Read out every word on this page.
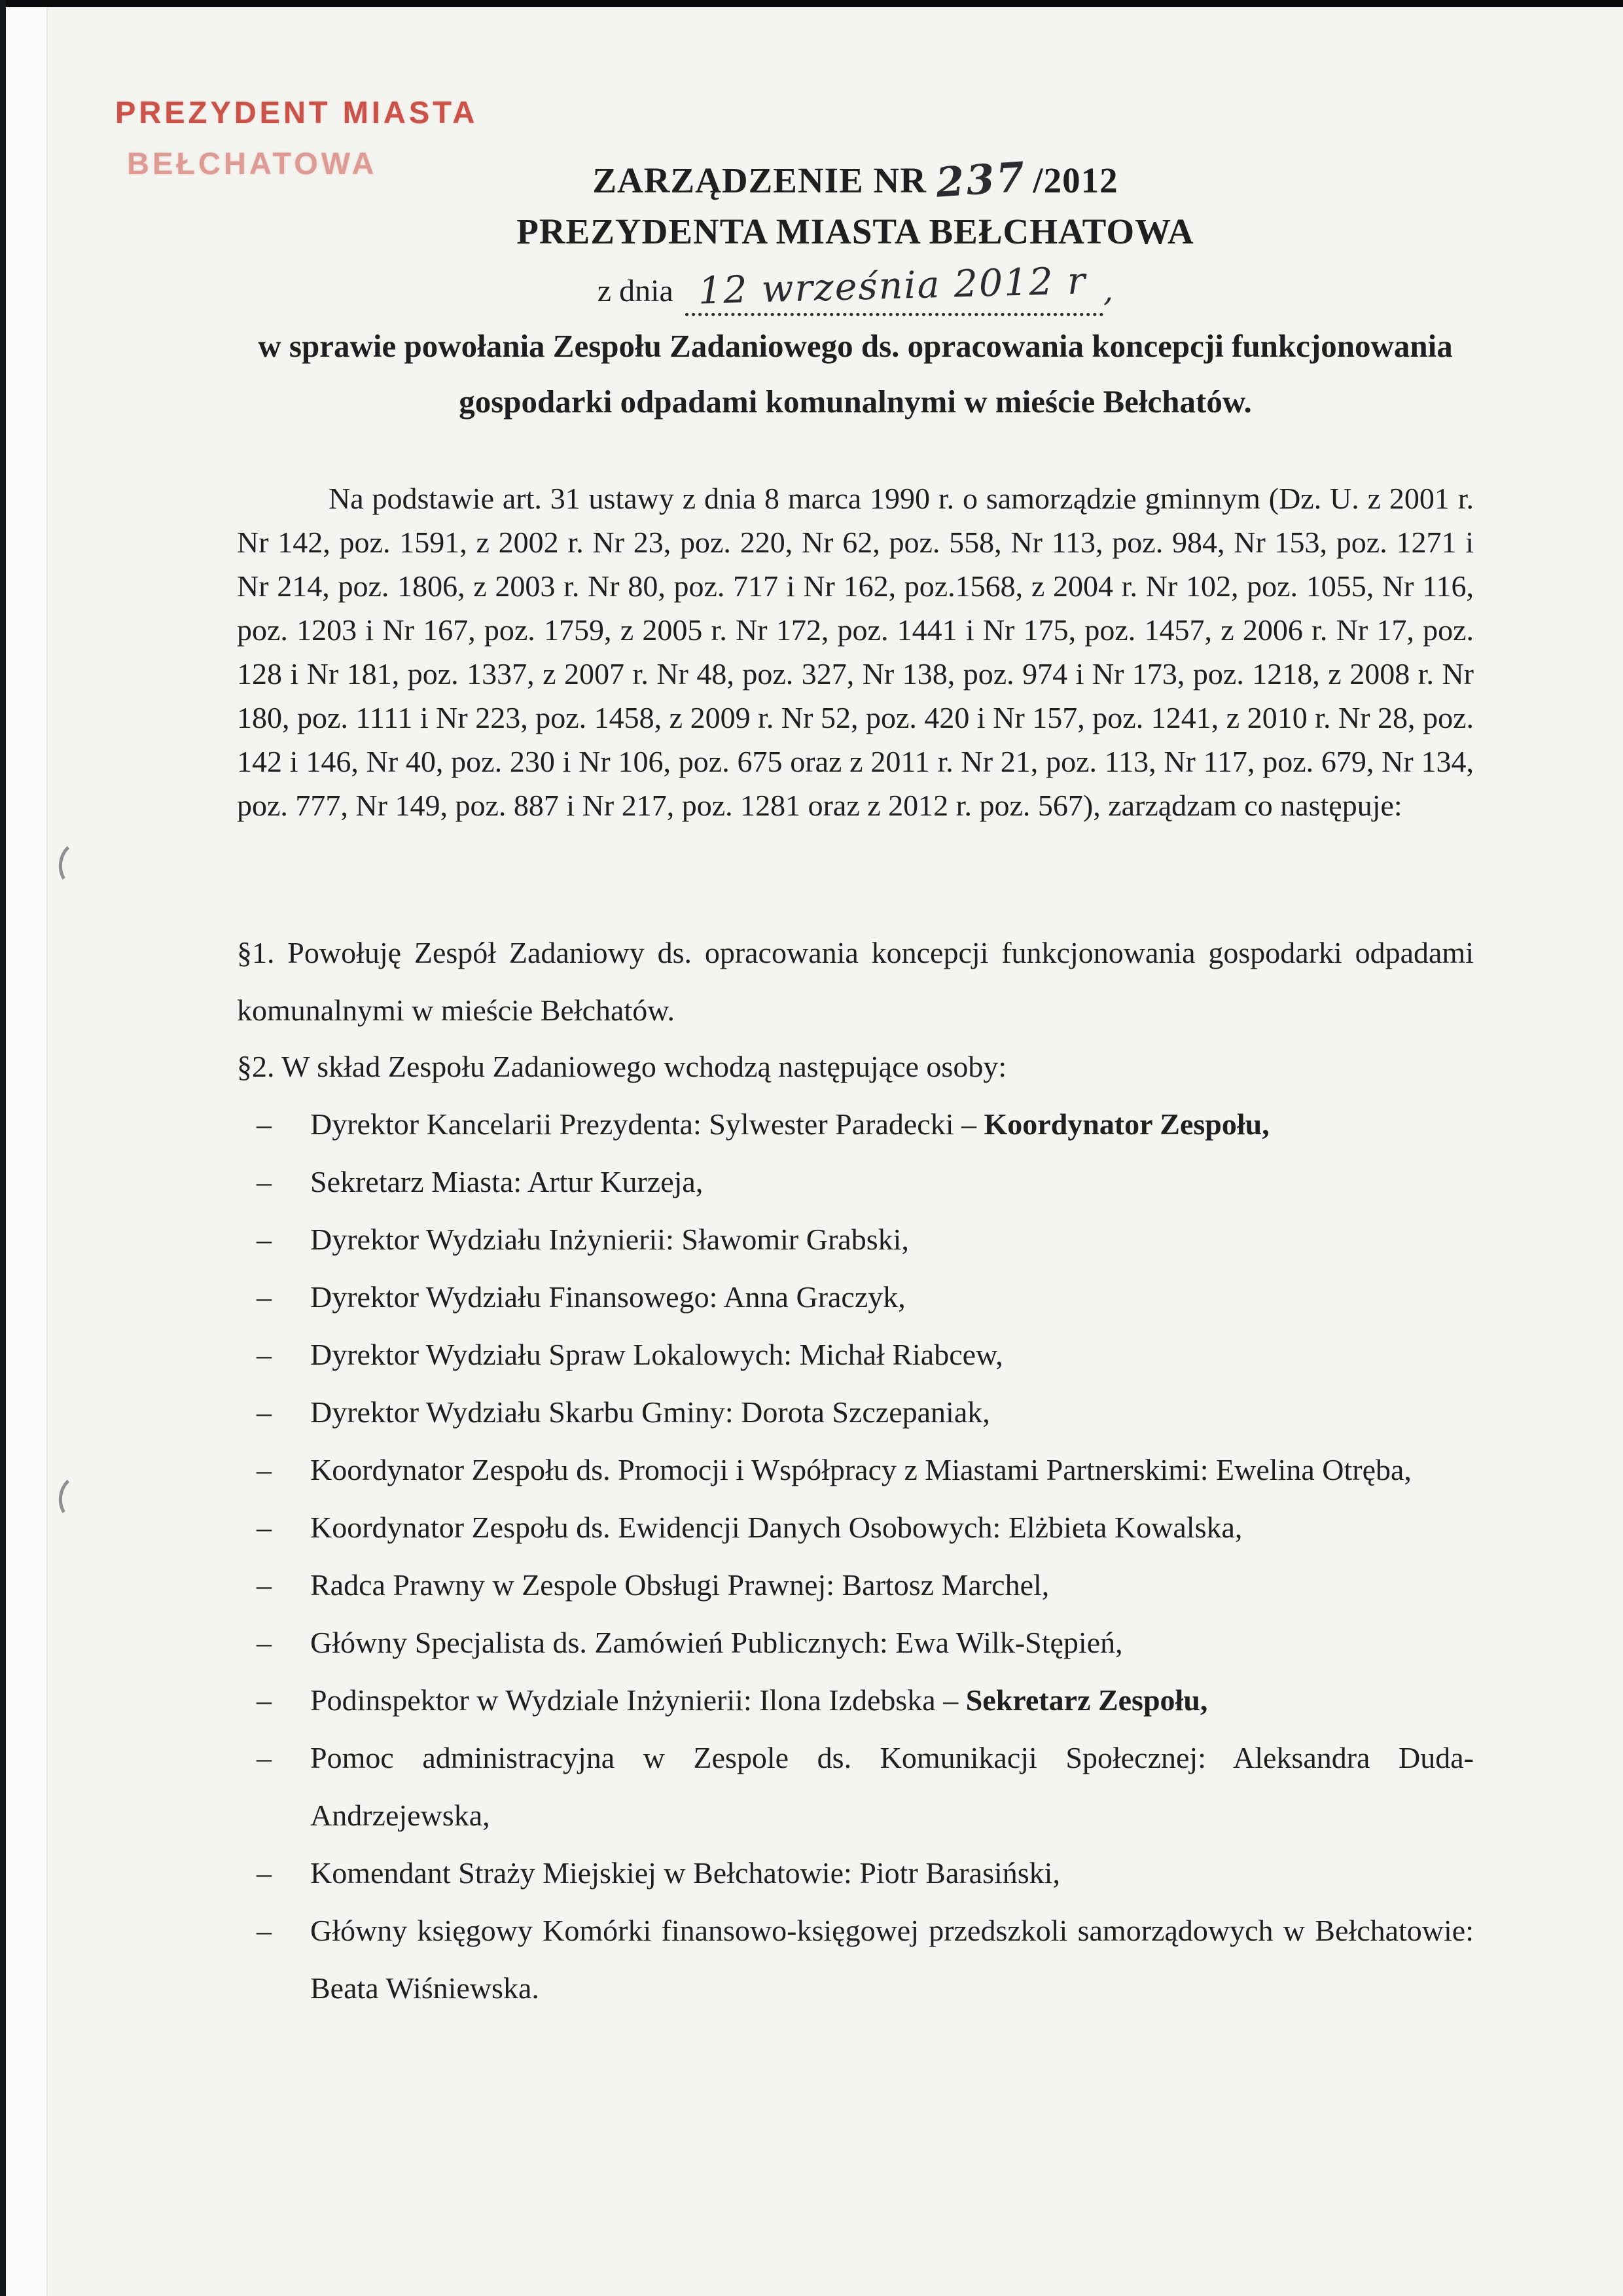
PREZYDENT MIASTA
BEŁCHATOWA	ZARZĄDZENIE NR 237 /2012
PREZYDENTA MIASTA BEŁCHATOWA
z dnia 12 września 2012 r ,
w sprawie powołania Zespołu Zadaniowego ds. opracowania koncepcji funkcjonowania
gospodarki odpadami komunalnymi w mieście Bełchatów.
Na podstawie art. 31 ustawy z dnia 8 marca 1990 r. o samorządzie gminnym (Dz. U. z 2001 r. Nr 142, poz. 1591, z 2002 r. Nr 23, poz. 220, Nr 62, poz. 558, Nr 113, poz. 984, Nr 153, poz. 1271 i Nr 214, poz. 1806, z 2003 r. Nr 80, poz. 717 i Nr 162, poz.1568, z 2004 r. Nr 102, poz. 1055, Nr 116, poz. 1203 i Nr 167, poz. 1759, z 2005 r. Nr 172, poz. 1441 i Nr 175, poz. 1457, z 2006 r. Nr 17, poz. 128 i Nr 181, poz. 1337, z 2007 r. Nr 48, poz. 327, Nr 138, poz. 974 i Nr 173, poz. 1218, z 2008 r. Nr 180, poz. 1111 i Nr 223, poz. 1458, z 2009 r. Nr 52, poz. 420 i Nr 157, poz. 1241, z 2010 r. Nr 28, poz. 142 i 146, Nr 40, poz. 230 i Nr 106, poz. 675 oraz z 2011 r. Nr 21, poz. 113, Nr 117, poz. 679, Nr 134, poz. 777, Nr 149, poz. 887 i Nr 217, poz. 1281 oraz z 2012 r. poz. 567), zarządzam co następuje:
§1. Powołuję Zespół Zadaniowy ds. opracowania koncepcji funkcjonowania gospodarki odpadami komunalnymi w mieście Bełchatów.
§2. W skład Zespołu Zadaniowego wchodzą następujące osoby:
– Dyrektor Kancelarii Prezydenta: Sylwester Paradecki – Koordynator Zespołu,
– Sekretarz Miasta: Artur Kurzeja,
– Dyrektor Wydziału Inżynierii: Sławomir Grabski,
– Dyrektor Wydziału Finansowego: Anna Graczyk,
– Dyrektor Wydziału Spraw Lokalowych: Michał Riabcew,
– Dyrektor Wydziału Skarbu Gminy: Dorota Szczepaniak,
– Koordynator Zespołu ds. Promocji i Współpracy z Miastami Partnerskimi: Ewelina Otręba,
– Koordynator Zespołu ds. Ewidencji Danych Osobowych: Elżbieta Kowalska,
– Radca Prawny w Zespole Obsługi Prawnej: Bartosz Marchel,
– Główny Specjalista ds. Zamówień Publicznych: Ewa Wilk-Stępień,
– Podinspektor w Wydziale Inżynierii: Ilona Izdebska – Sekretarz Zespołu,
– Pomoc administracyjna w Zespole ds. Komunikacji Społecznej: Aleksandra Duda-Andrzejewska,
– Komendant Straży Miejskiej w Bełchatowie: Piotr Barasiński,
– Główny księgowy Komórki finansowo-księgowej przedszkoli samorządowych w Bełchatowie: Beata Wiśniewska.
